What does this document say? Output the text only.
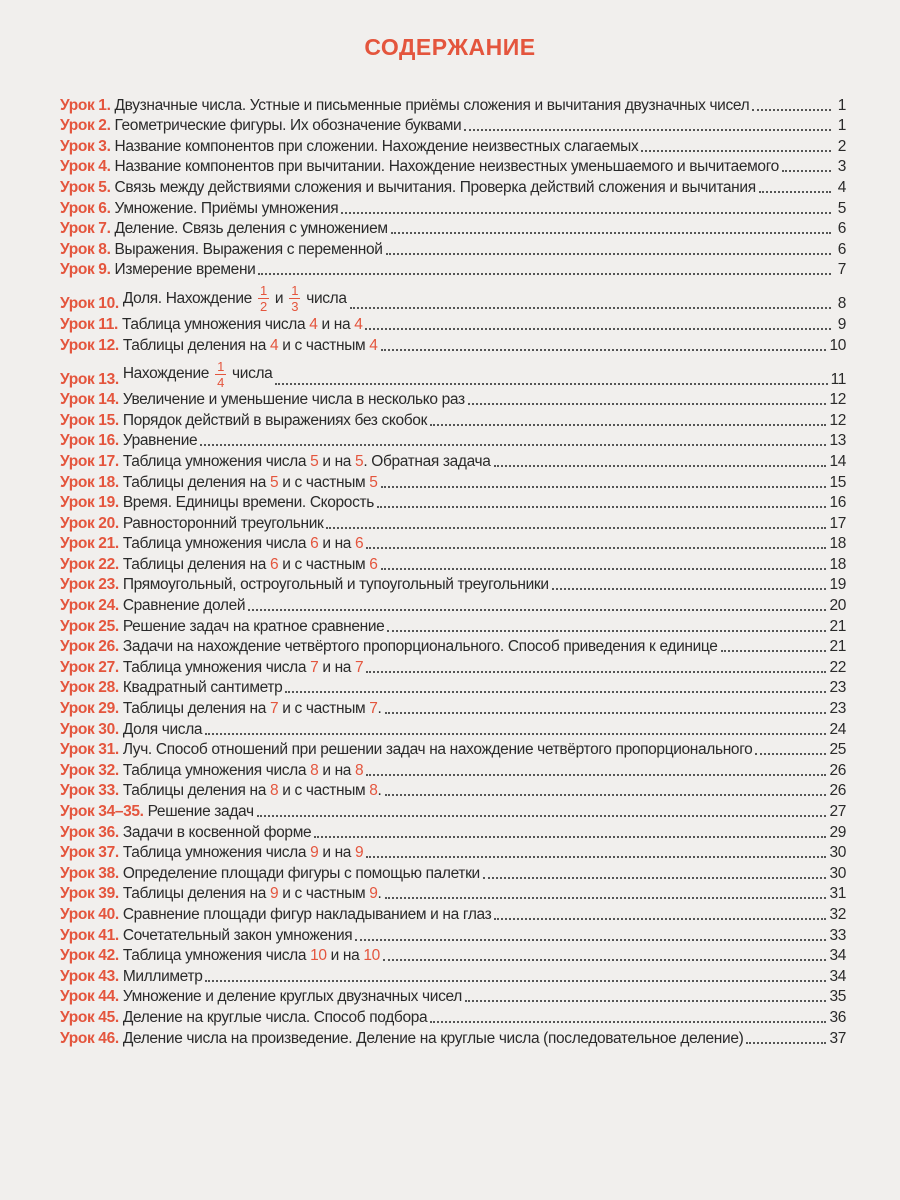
СОДЕРЖАНИЕ
Урок 1. Двузначные числа. Устные и письменные приёмы сложения и вычитания двузначных чисел	1
Урок 2. Геометрические фигуры. Их обозначение буквами	1
Урок 3. Название компонентов при сложении. Нахождение неизвестных слагаемых	2
Урок 4. Название компонентов при вычитании. Нахождение неизвестных уменьшаемого и вычитаемого	3
Урок 5. Связь между действиями сложения и вычитания. Проверка действий сложения и вычитания	4
Урок 6. Умножение. Приёмы умножения	5
Урок 7. Деление. Связь деления с умножением	6
Урок 8. Выражения. Выражения с переменной	6
Урок 9. Измерение времени	7
Урок 10. Доля. Нахождение $\frac{1}{2}$ и $\frac{1}{3}$ числа	8
Урок 11. Таблица умножения числа 4 и на 4	9
Урок 12. Таблицы деления на 4 и с частным 4	10
Урок 13. Нахождение $\frac{1}{4}$ числа	11
Урок 14. Увеличение и уменьшение числа в несколько раз	12
Урок 15. Порядок действий в выражениях без скобок	12
Урок 16. Уравнение	13
Урок 17. Таблица умножения числа 5 и на 5 . Обратная задача	14
Урок 18. Таблицы деления на 5 и с частным 5	15
Урок 19. Время. Единицы времени. Скорость	16
Урок 20. Равносторонний треугольник	17
Урок 21. Таблица умножения числа 6 и на 6	18
Урок 22. Таблицы деления на 6 и с частным 6	18
Урок 23. Прямоугольный, остроугольный и тупоугольный треугольники	19
Урок 24. Сравнение долей	20
Урок 25. Решение задач на кратное сравнение	21
Урок 26. Задачи на нахождение четвёртого пропорционального. Способ приведения к единице	21
Урок 27. Таблица умножения числа 7 и на 7	22
Урок 28. Квадратный сантиметр	23
Урок 29. Таблицы деления на 7 и с частным 7 .	23
Урок 30. Доля числа	24
Урок 31. Луч. Способ отношений при решении задач на нахождение четвёртого пропорционального	25
Урок 32. Таблица умножения числа 8 и на 8	26
Урок 33. Таблицы деления на 8 и с частным 8 .	26
Урок 34–35. Решение задач	27
Урок 36. Задачи в косвенной форме	29
Урок 37. Таблица умножения числа 9 и на 9	30
Урок 38. Определение площади фигуры с помощью палетки	30
Урок 39. Таблицы деления на 9 и с частным 9 .	31
Урок 40. Сравнение площади фигур накладыванием и на глаз	32
Урок 41. Сочетательный закон умножения	33
Урок 42. Таблица умножения числа 10 и на 10	34
Урок 43. Миллиметр	34
Урок 44. Умножение и деление круглых двузначных чисел	35
Урок 45. Деление на круглые числа. Способ подбора	36
Урок 46. Деление числа на произведение. Деление на круглые числа (последовательное деление)	37
